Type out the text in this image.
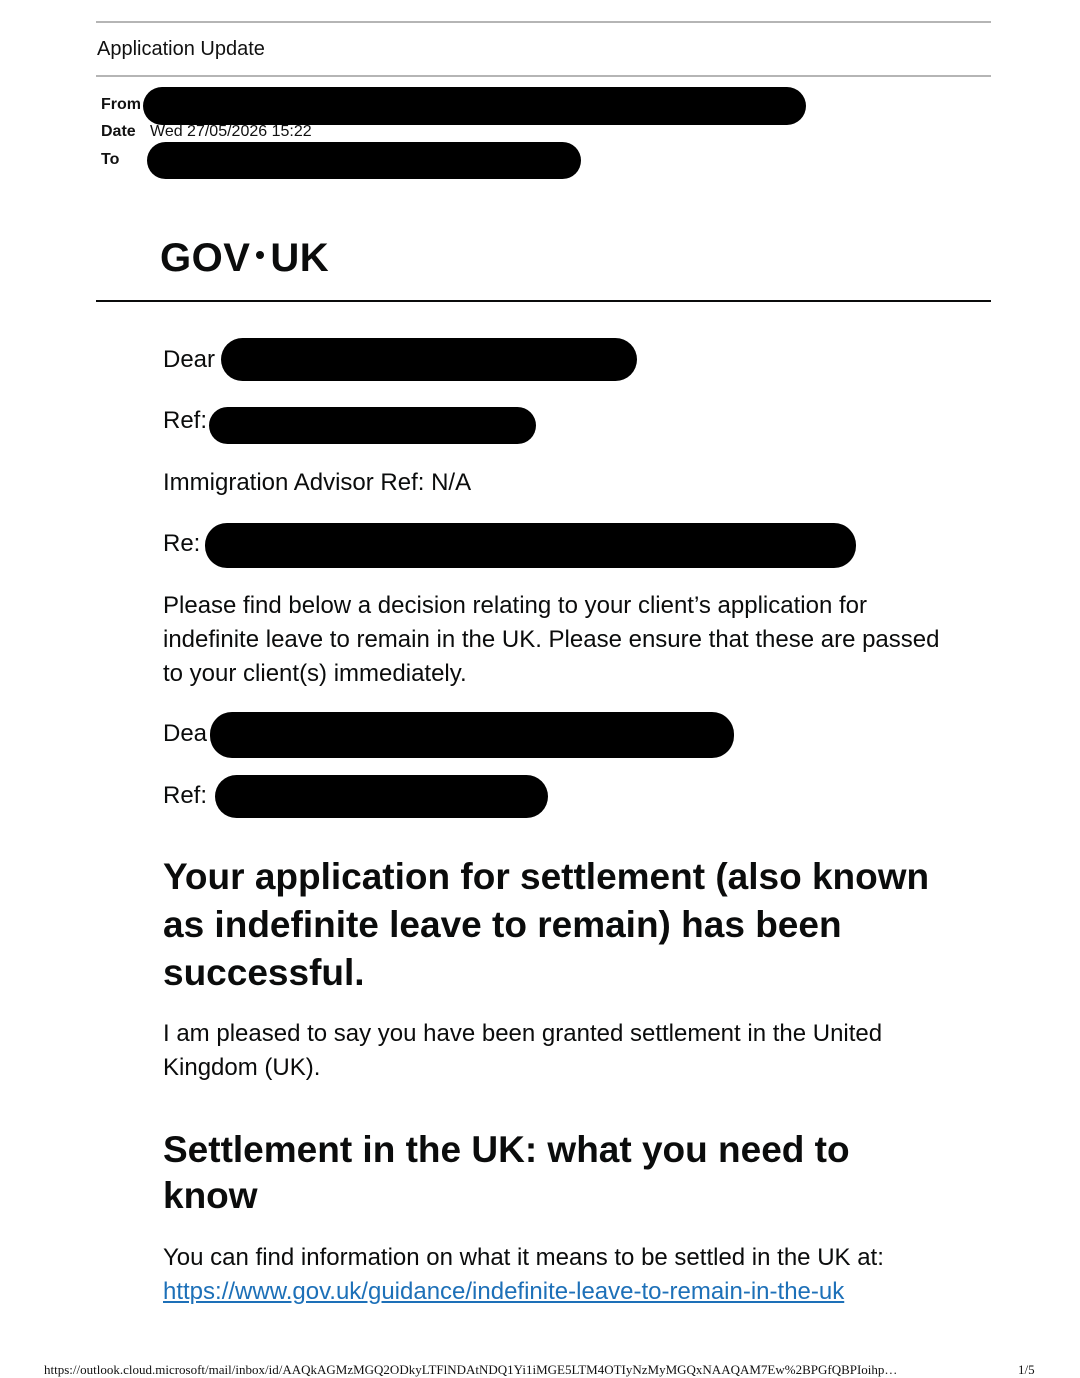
Application Update
From
Date Wed 27/05/2026 15:22
To
GOV UK
Dear
Ref:
Immigration Advisor Ref: N/A
Re:
Please find below a decision relating to your client’s application for indefinite leave to remain in the UK. Please ensure that these are passed to your client(s) immediately.
Dea
Ref:
Your application for settlement (also known as indefinite leave to remain) has been successful.
I am pleased to say you have been granted settlement in the United Kingdom (UK).
Settlement in the UK: what you need to know
You can find information on what it means to be settled in the UK at: https://www.gov.uk/guidance/indefinite-leave-to-remain-in-the-uk
https://outlook.cloud.microsoft/mail/inbox/id/AAQkAGMzMGQ2ODkyLTFlNDAtNDQ1Yi1iMGE5LTM4OTIyNzMyMGQxNAAQAM7Ew%2BPGfQBPIoihp…	1/5
